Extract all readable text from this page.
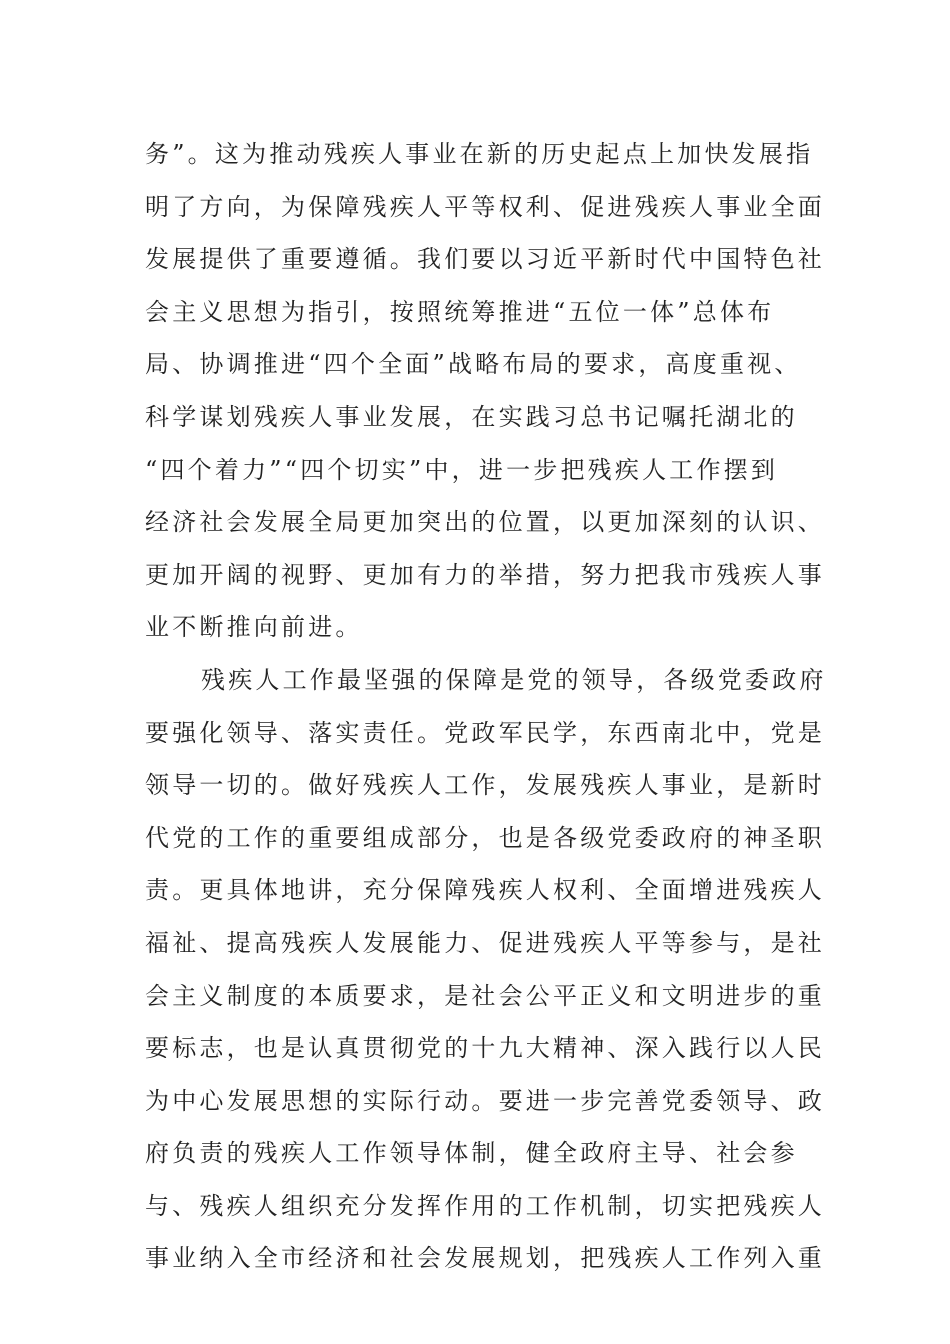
务”。这为推动残疾人事业在新的历史起点上加快发展指
明了方向，为保障残疾人平等权利、促进残疾人事业全面
发展提供了重要遵循。我们要以习近平新时代中国特色社
会主义思想为指引，按照统筹推进“五位一体”总体布
局、协调推进“四个全面”战略布局的要求，高度重视、
科学谋划残疾人事业发展，在实践习总书记嘱托湖北的
“四个着力”“四个切实”中，进一步把残疾人工作摆到
经济社会发展全局更加突出的位置，以更加深刻的认识、
更加开阔的视野、更加有力的举措，努力把我市残疾人事
业不断推向前进。
残疾人工作最坚强的保障是党的领导，各级党委政府
要强化领导、落实责任。党政军民学，东西南北中，党是
领导一切的。做好残疾人工作，发展残疾人事业，是新时
代党的工作的重要组成部分，也是各级党委政府的神圣职
责。更具体地讲，充分保障残疾人权利、全面增进残疾人
福祉、提高残疾人发展能力、促进残疾人平等参与，是社
会主义制度的本质要求，是社会公平正义和文明进步的重
要标志，也是认真贯彻党的十九大精神、深入践行以人民
为中心发展思想的实际行动。要进一步完善党委领导、政
府负责的残疾人工作领导体制，健全政府主导、社会参
与、残疾人组织充分发挥作用的工作机制，切实把残疾人
事业纳入全市经济和社会发展规划，把残疾人工作列入重
